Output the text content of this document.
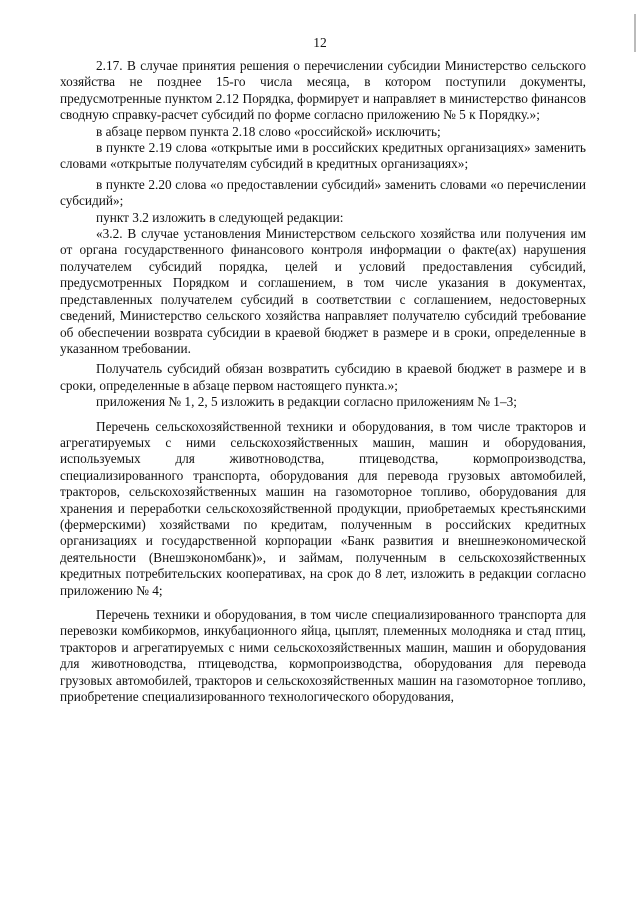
12

2.17. В случае принятия решения о перечислении субсидии Министерство сельского хозяйства не позднее 15-го числа месяца, в котором поступили документы, предусмотренные пунктом 2.12 Порядка, формирует и направляет в министерство финансов сводную справку-расчет субсидий по форме согласно приложению № 5 к Порядку.»;

в абзаце первом пункта 2.18 слово «российской» исключить;

в пункте 2.19 слова «открытые ими в российских кредитных организациях» заменить словами «открытые получателям субсидий в кредитных организациях»;

в пункте 2.20 слова «о предоставлении субсидий» заменить словами «о перечислении субсидий»;

пункт 3.2 изложить в следующей редакции:

«3.2. В случае установления Министерством сельского хозяйства или получения им от органа государственного финансового контроля информации о факте(ах) нарушения получателем субсидий порядка, целей и условий предоставления субсидий, предусмотренных Порядком и соглашением, в том числе указания в документах, представленных получателем субсидий в соответствии с соглашением, недостоверных сведений, Министерство сельского хозяйства направляет получателю субсидий требование об обеспечении возврата субсидии в краевой бюджет в размере и в сроки, определенные в указанном требовании.

Получатель субсидий обязан возвратить субсидию в краевой бюджет в размере и в сроки, определенные в абзаце первом настоящего пункта.»;

приложения № 1, 2, 5 изложить в редакции согласно приложениям № 1–3;

Перечень сельскохозяйственной техники и оборудования, в том числе тракторов и агрегатируемых с ними сельскохозяйственных машин, машин и оборудования, используемых для животноводства, птицеводства, кормопроизводства, специализированного транспорта, оборудования для перевода грузовых автомобилей, тракторов, сельскохозяйственных машин на газомоторное топливо, оборудования для хранения и переработки сельскохозяйственной продукции, приобретаемых крестьянскими (фермерскими) хозяйствами по кредитам, полученным в российских кредитных организациях и государственной корпорации «Банк развития и внешнеэкономической деятельности (Внешэкономбанк)», и займам, полученным в сельскохозяйственных кредитных потребительских кооперативах, на срок до 8 лет, изложить в редакции согласно приложению № 4;

Перечень техники и оборудования, в том числе специализированного транспорта для перевозки комбикормов, инкубационного яйца, цыплят, племенных молодняка и стад птиц, тракторов и агрегатируемых с ними сельскохозяйственных машин, машин и оборудования для животноводства, птицеводства, кормопроизводства, оборудования для перевода грузовых автомобилей, тракторов и сельскохозяйственных машин на газомоторное топливо, приобретение специализированного технологического оборудования,
